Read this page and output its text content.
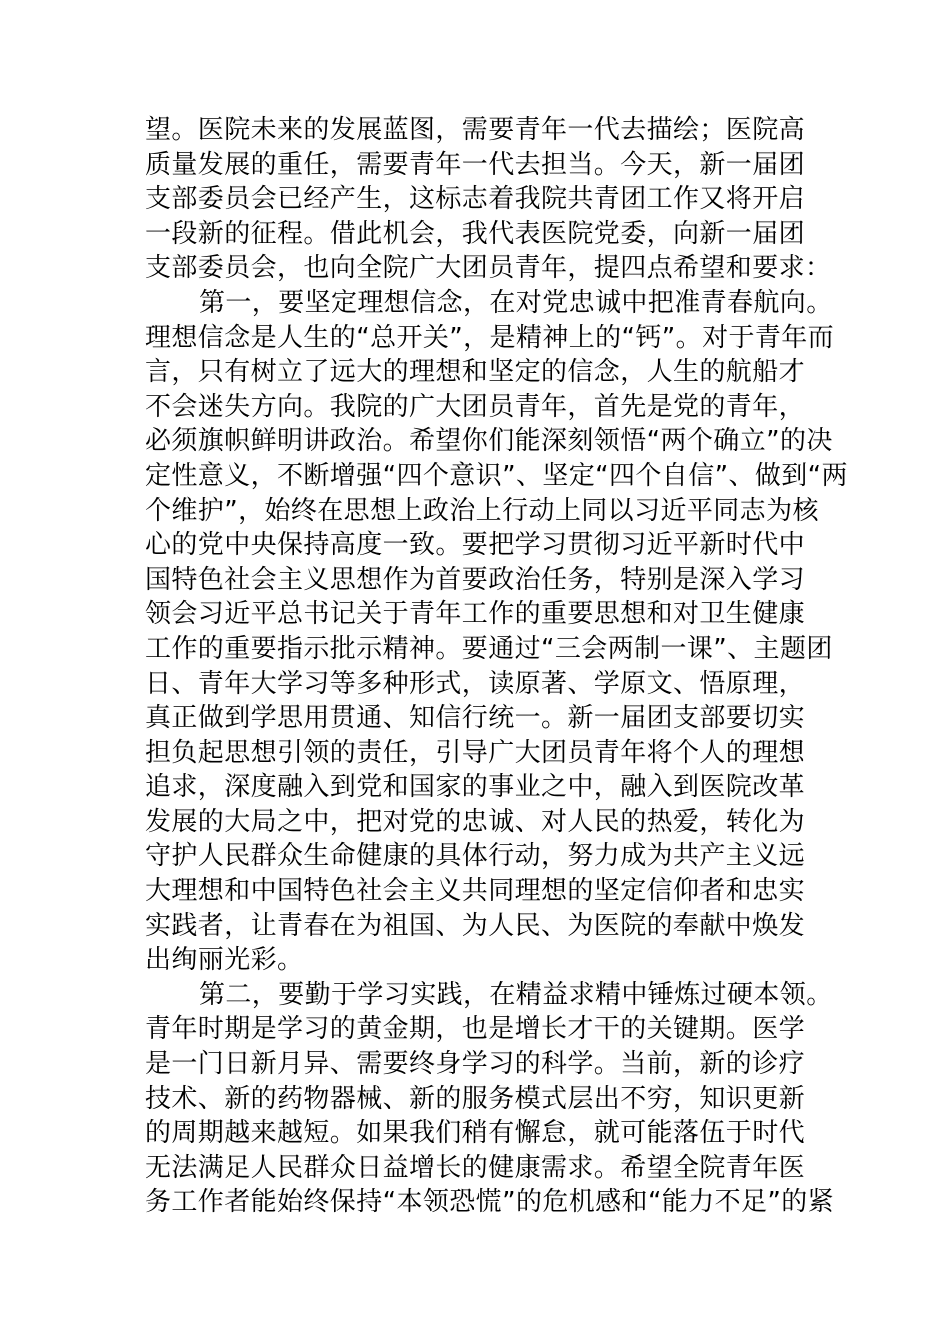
望。医院未来的发展蓝图，需要青年一代去描绘；医院高
质量发展的重任，需要青年一代去担当。今天，新一届团
支部委员会已经产生，这标志着我院共青团工作又将开启
一段新的征程。借此机会，我代表医院党委，向新一届团
支部委员会，也向全院广大团员青年，提四点希望和要求：
第一，要坚定理想信念，在对党忠诚中把准青春航向。
理想信念是人生的“总开关”，是精神上的“钙”。对于青年而
言，只有树立了远大的理想和坚定的信念，人生的航船才
不会迷失方向。我院的广大团员青年，首先是党的青年，
必须旗帜鲜明讲政治。希望你们能深刻领悟“两个确立”的决
定性意义，不断增强“四个意识”、坚定“四个自信”、做到“两
个维护”，始终在思想上政治上行动上同以习近平同志为核
心的党中央保持高度一致。要把学习贯彻习近平新时代中
国特色社会主义思想作为首要政治任务，特别是深入学习
领会习近平总书记关于青年工作的重要思想和对卫生健康
工作的重要指示批示精神。要通过“三会两制一课”、主题团
日、青年大学习等多种形式，读原著、学原文、悟原理，
真正做到学思用贯通、知信行统一。新一届团支部要切实
担负起思想引领的责任，引导广大团员青年将个人的理想
追求，深度融入到党和国家的事业之中，融入到医院改革
发展的大局之中，把对党的忠诚、对人民的热爱，转化为
守护人民群众生命健康的具体行动，努力成为共产主义远
大理想和中国特色社会主义共同理想的坚定信仰者和忠实
实践者，让青春在为祖国、为人民、为医院的奉献中焕发
出绚丽光彩。
第二，要勤于学习实践，在精益求精中锤炼过硬本领。
青年时期是学习的黄金期，也是增长才干的关键期。医学
是一门日新月异、需要终身学习的科学。当前，新的诊疗
技术、新的药物器械、新的服务模式层出不穷，知识更新
的周期越来越短。如果我们稍有懈怠，就可能落伍于时代
无法满足人民群众日益增长的健康需求。希望全院青年医
务工作者能始终保持“本领恐慌”的危机感和“能力不足”的紧
